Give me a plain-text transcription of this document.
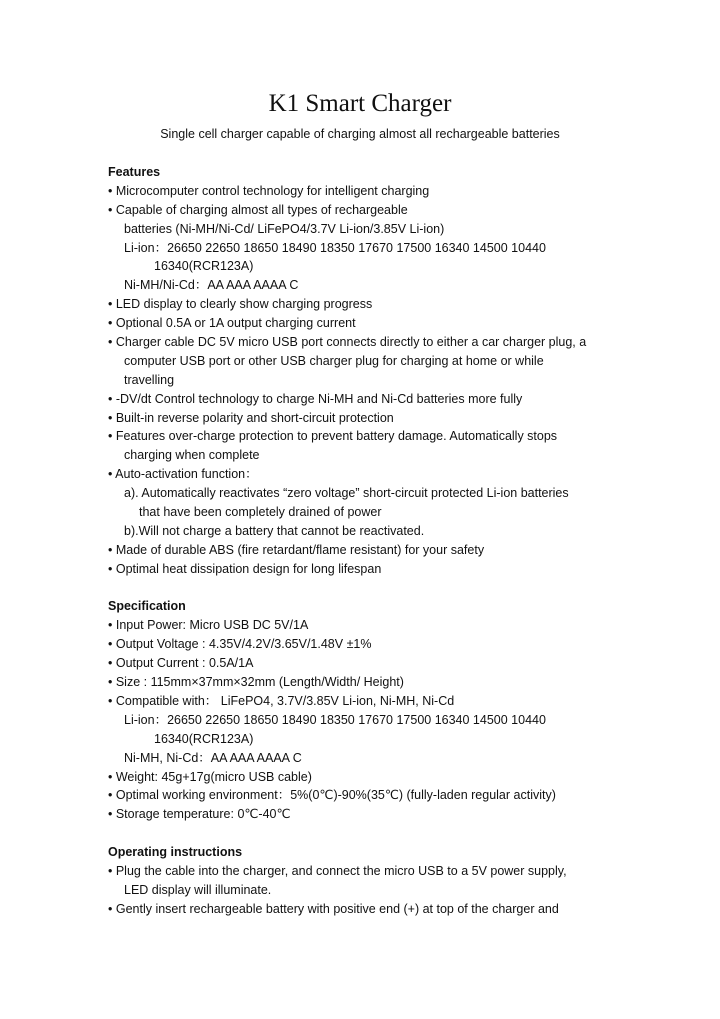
K1 Smart Charger
Single cell charger capable of charging almost all rechargeable batteries
Features
• Microcomputer control technology for intelligent charging
• Capable of charging almost all types of rechargeable
batteries (Ni-MH/Ni-Cd/ LiFePO4/3.7V Li-ion/3.85V Li-ion)
Li-ion：26650 22650 18650 18490 18350 17670 17500 16340 14500 10440
16340(RCR123A)
Ni-MH/Ni-Cd：AA AAA AAAA C
• LED display to clearly show charging progress
• Optional 0.5A or 1A output charging current
• Charger cable DC 5V micro USB port connects directly to either a car charger plug, a
computer USB port or other USB charger plug for charging at home or while
travelling
• -DV/dt Control technology to charge Ni-MH and Ni-Cd batteries more fully
• Built-in reverse polarity and short-circuit protection
• Features over-charge protection to prevent battery damage. Automatically stops
charging when complete
• Auto-activation function：
a). Automatically reactivates “zero voltage” short-circuit protected Li-ion batteries
that have been completely drained of power
b).Will not charge a battery that cannot be reactivated.
• Made of durable ABS (fire retardant/flame resistant) for your safety
• Optimal heat dissipation design for long lifespan
Specification
• Input Power: Micro USB DC 5V/1A
• Output Voltage : 4.35V/4.2V/3.65V/1.48V ±1%
• Output Current : 0.5A/1A
• Size : 115mm×37mm×32mm (Length/Width/ Height)
• Compatible with： LiFePO4, 3.7V/3.85V Li-ion, Ni-MH, Ni-Cd
Li-ion：26650 22650 18650 18490 18350 17670 17500 16340 14500 10440
16340(RCR123A)
Ni-MH, Ni-Cd：AA AAA AAAA C
• Weight: 45g+17g(micro USB cable)
• Optimal working environment：5%(0℃)-90%(35℃) (fully-laden regular activity)
• Storage temperature: 0℃-40℃
Operating instructions
• Plug the cable into the charger, and connect the micro USB to a 5V power supply,
LED display will illuminate.
• Gently insert rechargeable battery with positive end (+) at top of the charger and
